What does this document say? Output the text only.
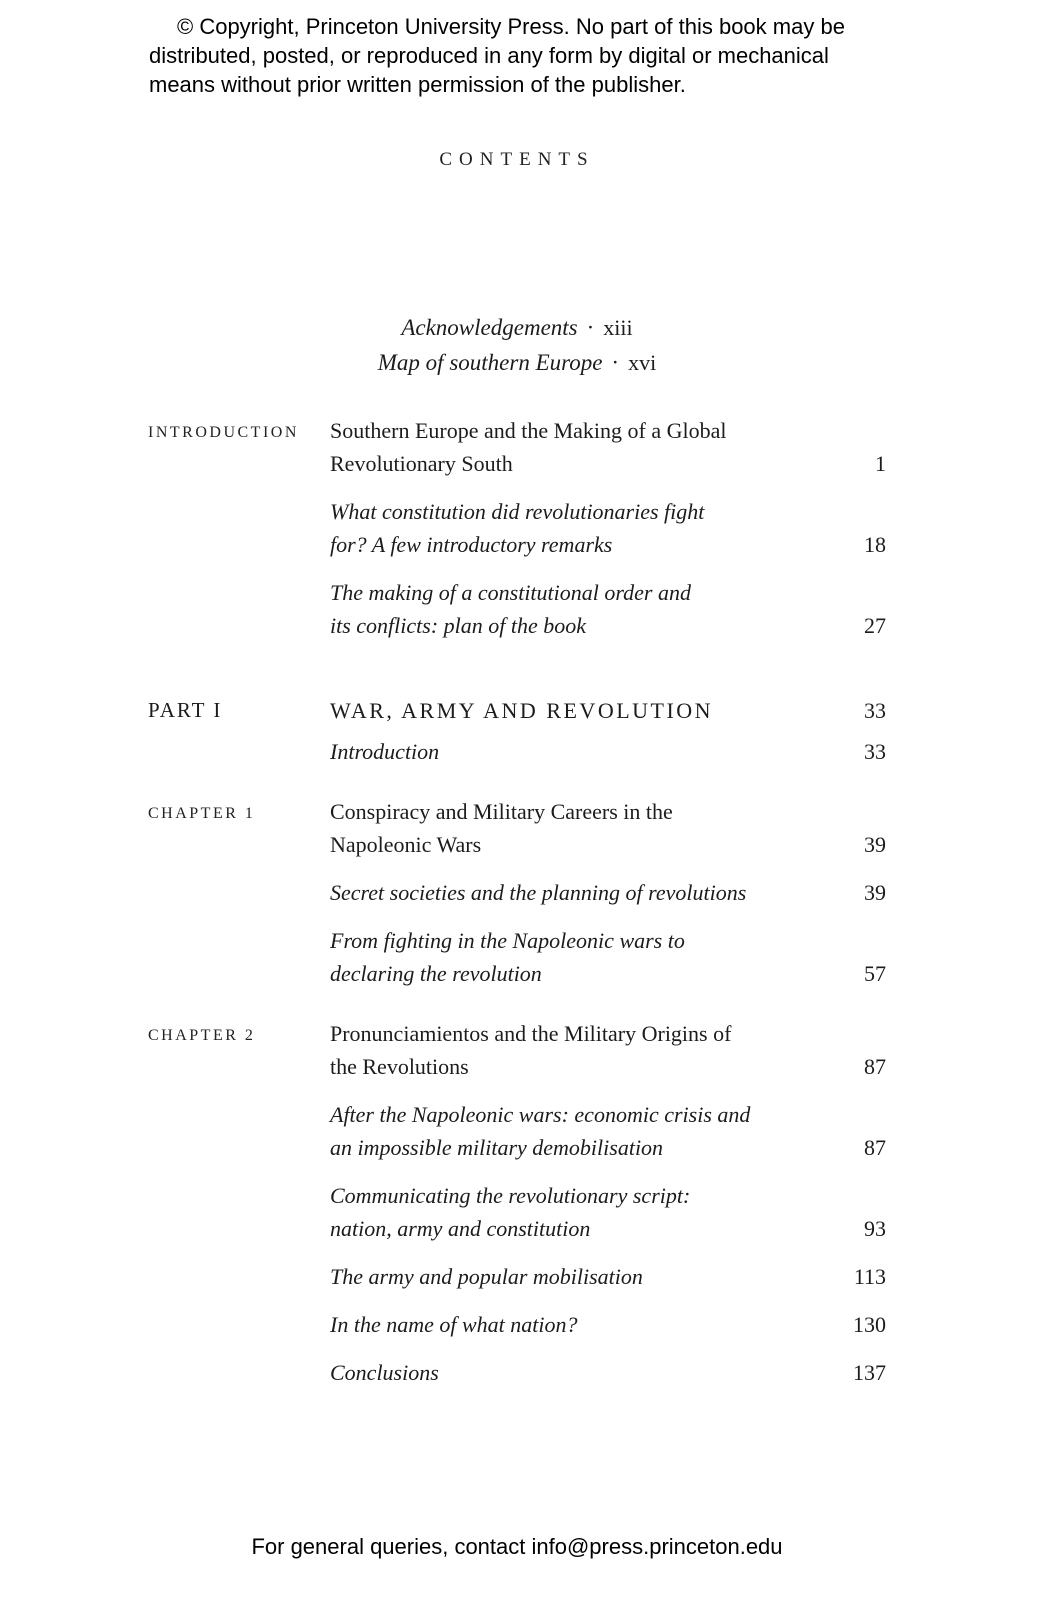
© Copyright, Princeton University Press. No part of this book may be
distributed, posted, or reproduced in any form by digital or mechanical
means without prior written permission of the publisher.
CONTENTS
Acknowledgements · xiii
Map of southern Europe · xvi
INTRODUCTION	Southern Europe and the Making of a Global
Revolutionary South	1
What constitution did revolutionaries fight
for? A few introductory remarks	18
The making of a constitutional order and
its conflicts: plan of the book	27
PART I	WAR, ARMY AND REVOLUTION	33
Introduction	33
CHAPTER 1	Conspiracy and Military Careers in the
Napoleonic Wars	39
Secret societies and the planning of revolutions	39
From fighting in the Napoleonic wars to
declaring the revolution	57
CHAPTER 2	Pronunciamientos and the Military Origins of
the Revolutions	87
After the Napoleonic wars: economic crisis and
an impossible military demobilisation	87
Communicating the revolutionary script:
nation, army and constitution	93
The army and popular mobilisation	113
In the name of what nation?	130
Conclusions	137
For general queries, contact info@press.princeton.edu
